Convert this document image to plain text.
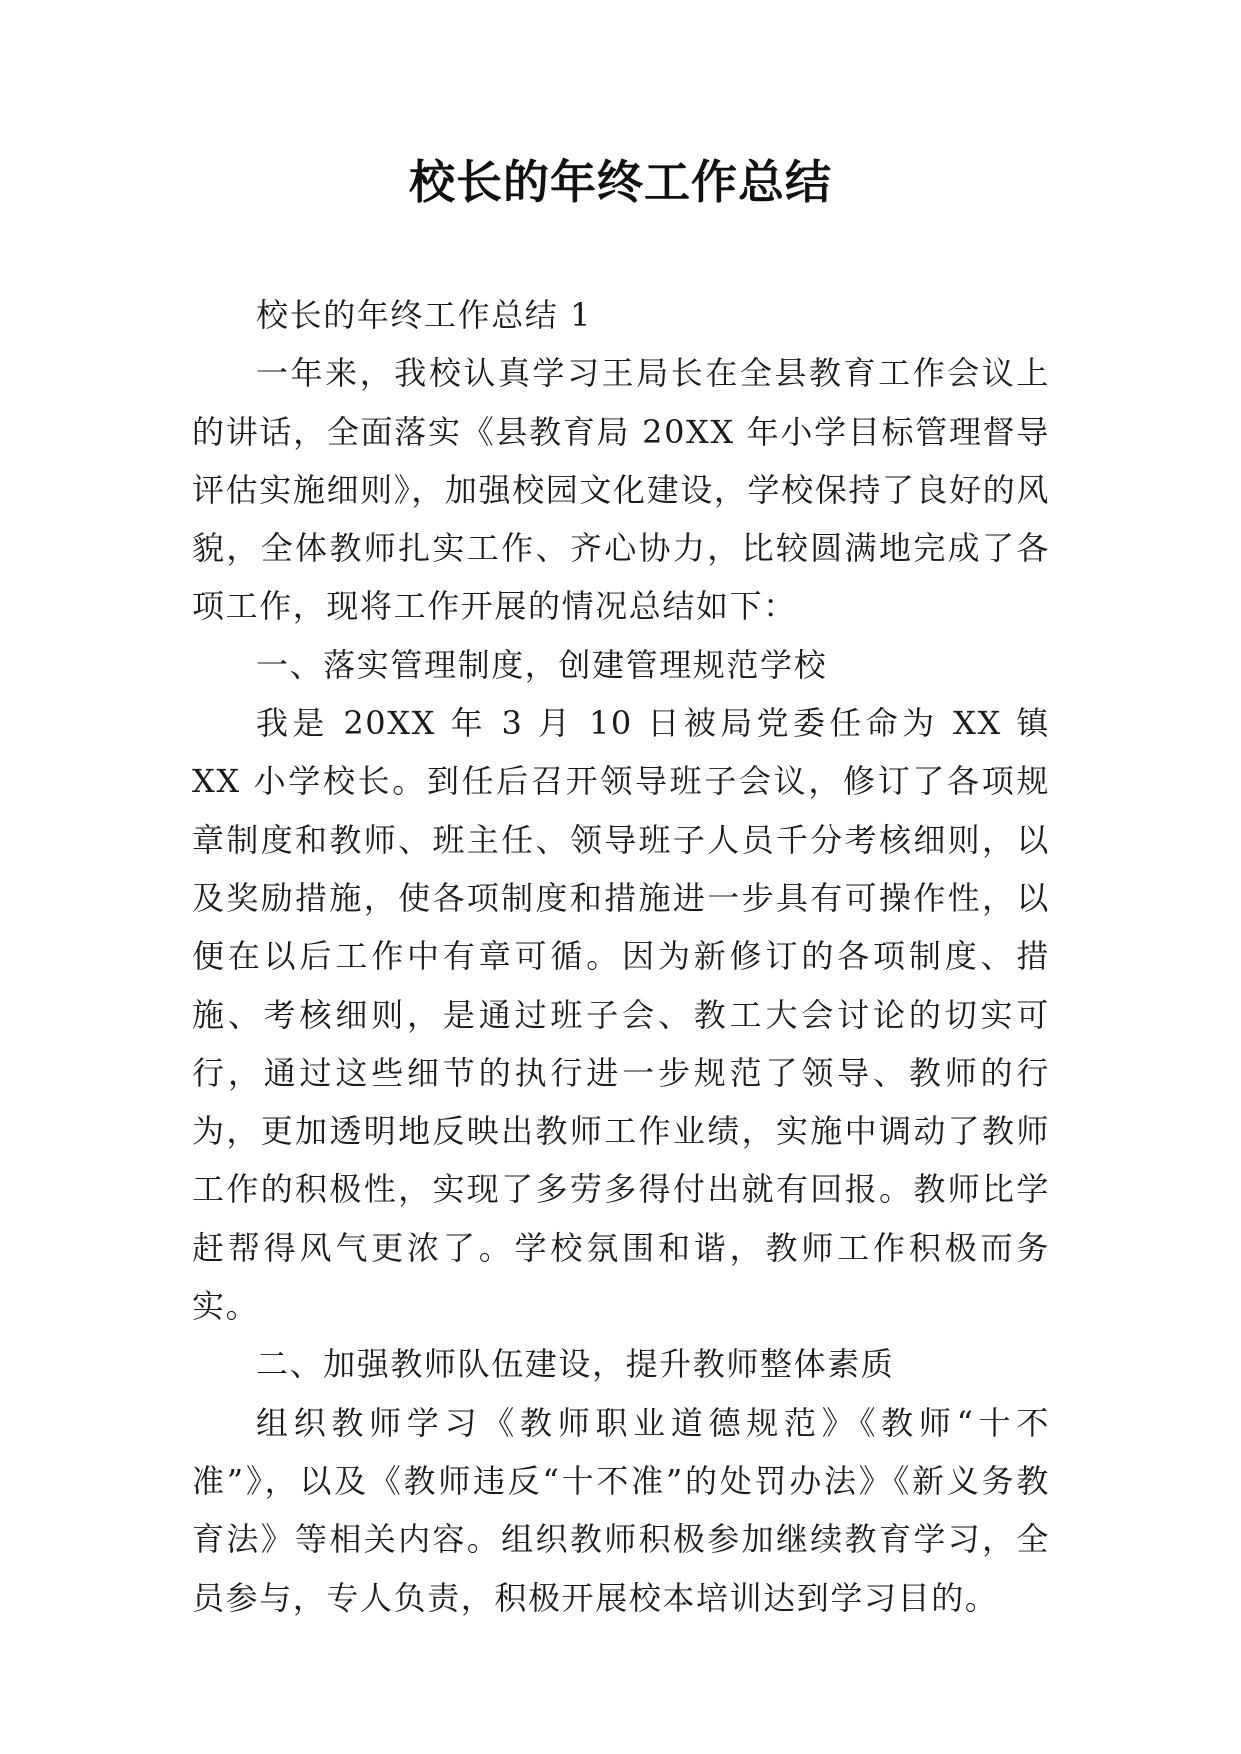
校长的年终工作总结

校长的年终工作总结 1

一年来，我校认真学习王局长在全县教育工作会议上的讲话，全面落实《县教育局 20XX 年小学目标管理督导评估实施细则》，加强校园文化建设，学校保持了良好的风貌，全体教师扎实工作、齐心协力，比较圆满地完成了各项工作，现将工作开展的情况总结如下：

一、落实管理制度，创建管理规范学校

我是 20XX 年 3 月 10 日被局党委任命为 XX 镇 XX 小学校长。到任后召开领导班子会议，修订了各项规章制度和教师、班主任、领导班子人员千分考核细则，以及奖励措施，使各项制度和措施进一步具有可操作性，以便在以后工作中有章可循。因为新修订的各项制度、措施、考核细则，是通过班子会、教工大会讨论的切实可行，通过这些细节的执行进一步规范了领导、教师的行为，更加透明地反映出教师工作业绩，实施中调动了教师工作的积极性，实现了多劳多得付出就有回报。教师比学赶帮得风气更浓了。学校氛围和谐，教师工作积极而务实。

二、加强教师队伍建设，提升教师整体素质

组织教师学习《教师职业道德规范》《教师“十不准”》，以及《教师违反“十不准”的处罚办法》《新义务教育法》等相关内容。组织教师积极参加继续教育学习，全员参与，专人负责，积极开展校本培训达到学习目的。
